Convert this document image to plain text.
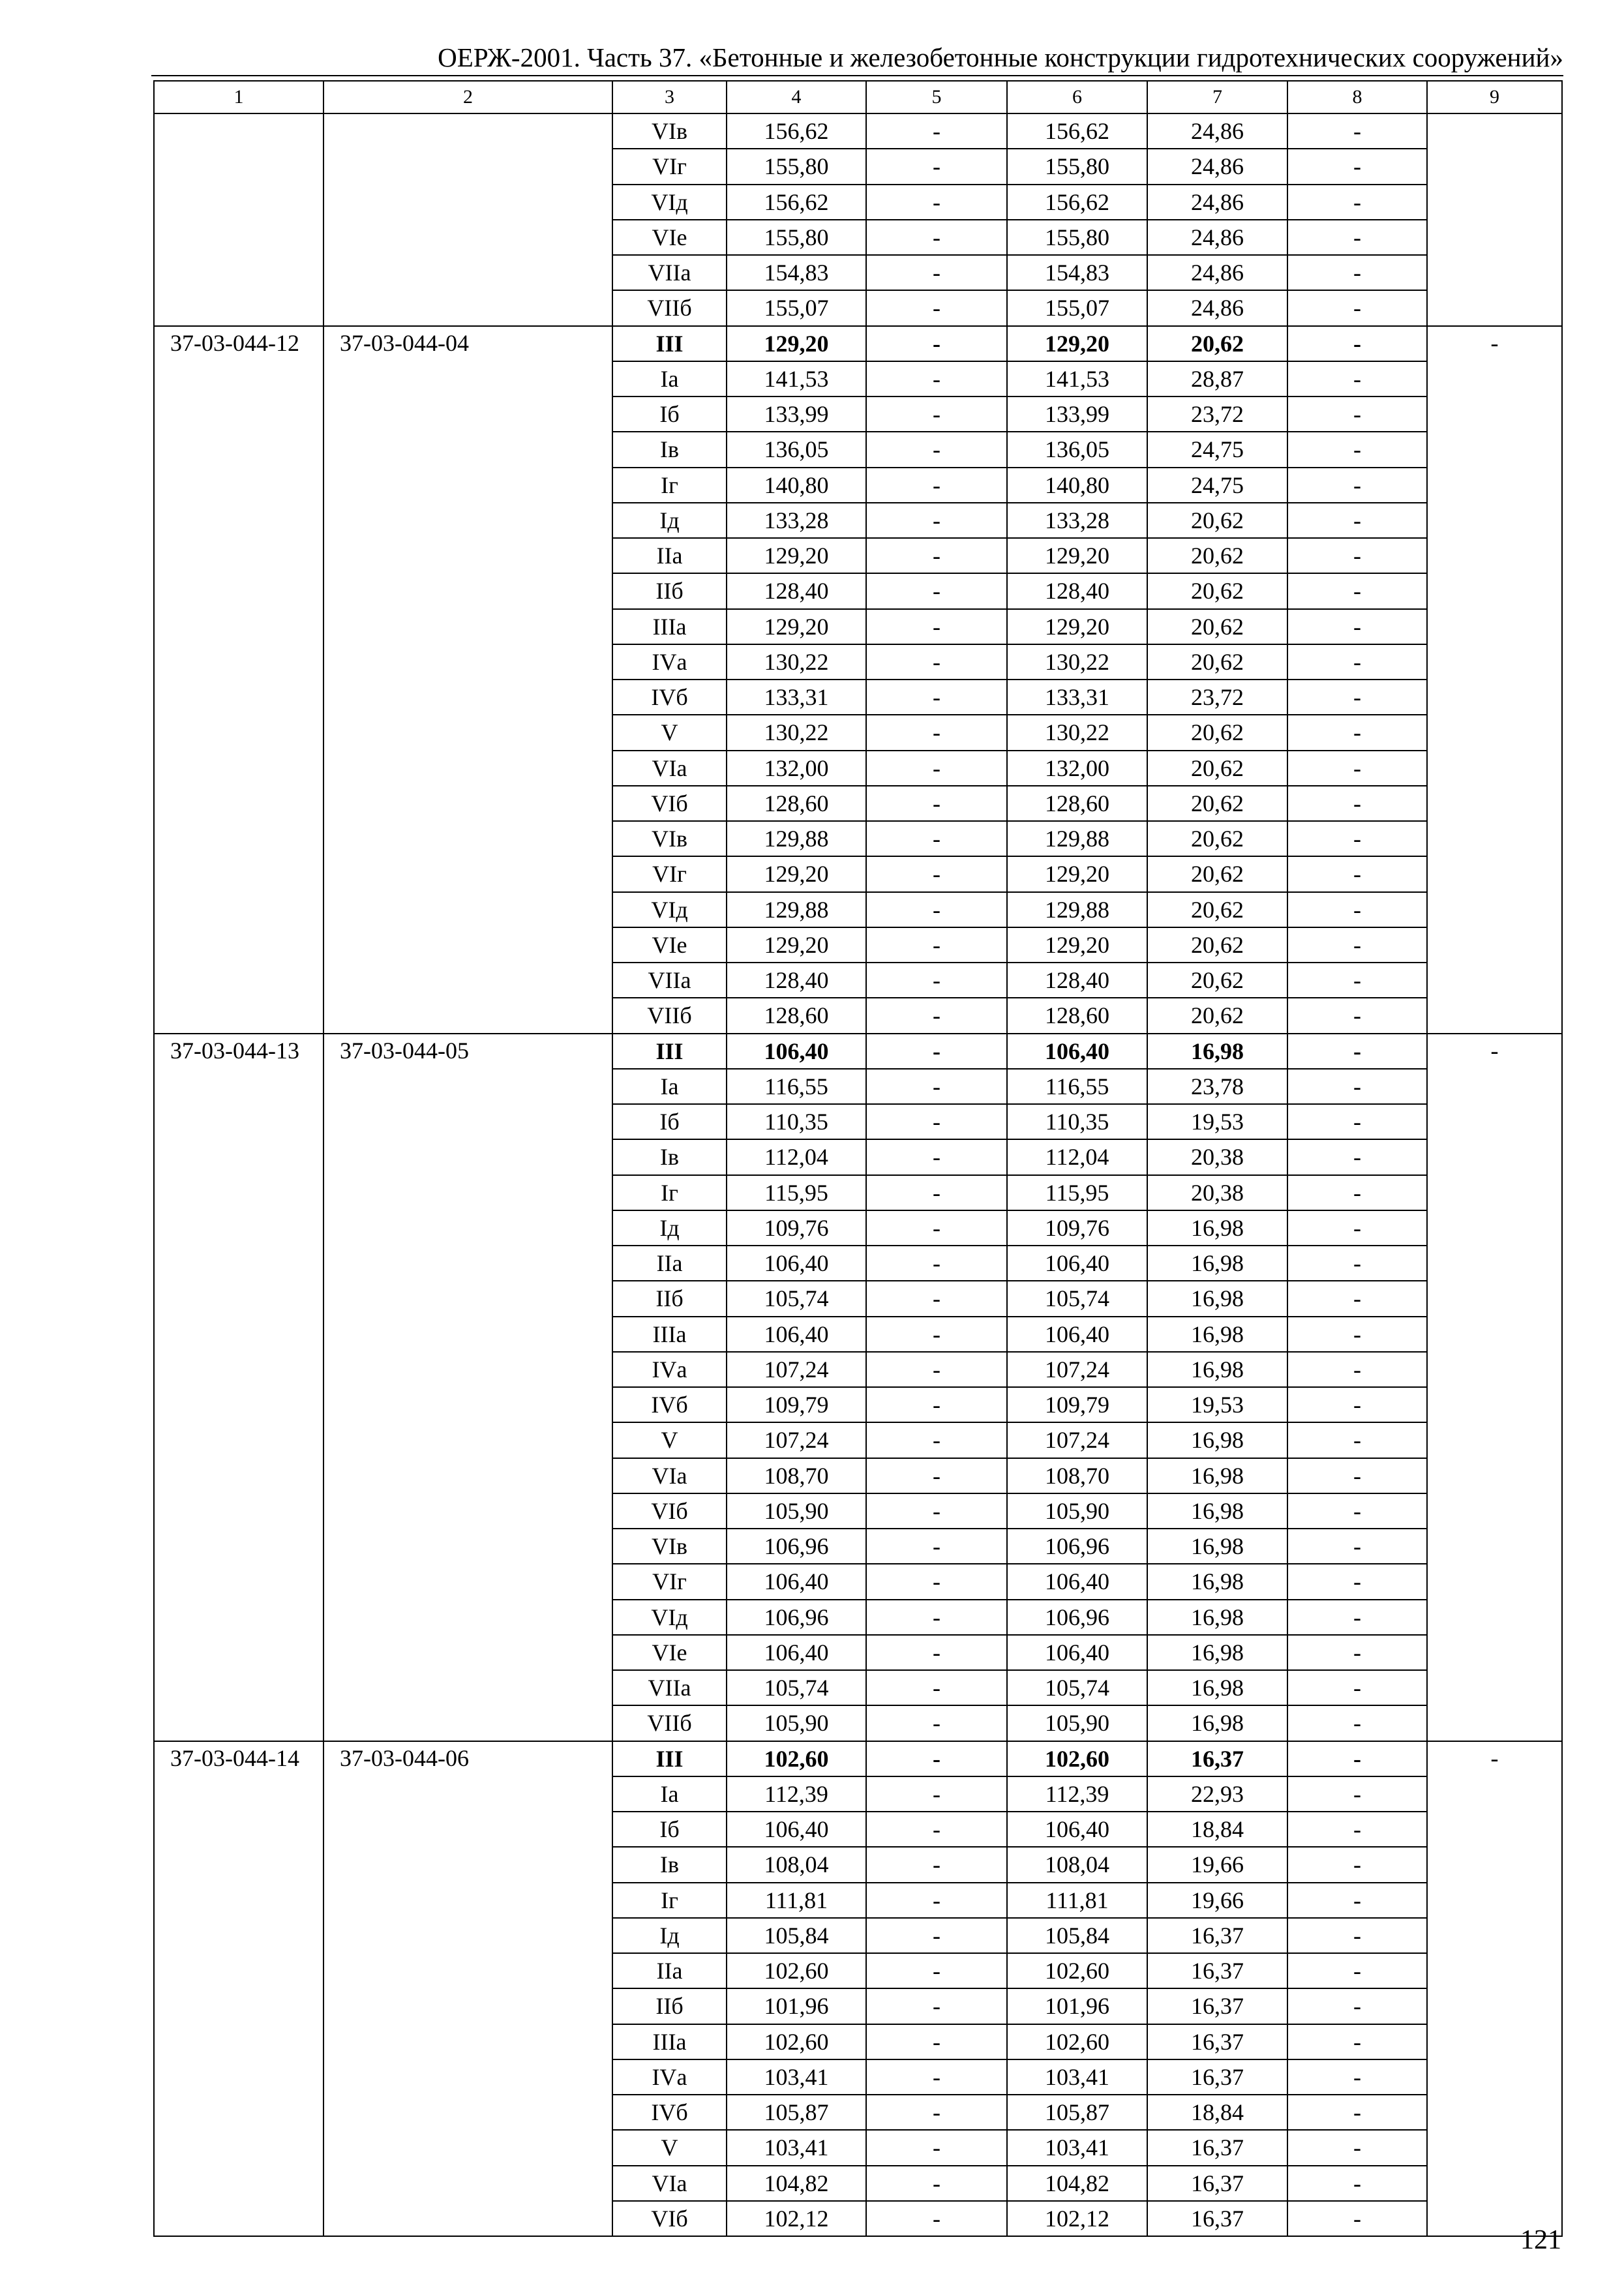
ОЕРЖ-2001. Часть 37. «Бетонные и железобетонные конструкции гидротехнических сооружений»
1	2	3	4	5	6	7	8	9
		VIв	156,62	-	156,62	24,86	-	
		VIг	155,80	-	155,80	24,86	-	
		VIд	156,62	-	156,62	24,86	-	
		VIе	155,80	-	155,80	24,86	-	
		VIIа	154,83	-	154,83	24,86	-	
		VIIб	155,07	-	155,07	24,86	-	
37-03-044-12	37-03-044-04	III	129,20	-	129,20	20,62	-	-
		Iа	141,53	-	141,53	28,87	-	
		Iб	133,99	-	133,99	23,72	-	
		Iв	136,05	-	136,05	24,75	-	
		Iг	140,80	-	140,80	24,75	-	
		Iд	133,28	-	133,28	20,62	-	
		IIа	129,20	-	129,20	20,62	-	
		IIб	128,40	-	128,40	20,62	-	
		IIIа	129,20	-	129,20	20,62	-	
		IVа	130,22	-	130,22	20,62	-	
		IVб	133,31	-	133,31	23,72	-	
		V	130,22	-	130,22	20,62	-	
		VIа	132,00	-	132,00	20,62	-	
		VIб	128,60	-	128,60	20,62	-	
		VIв	129,88	-	129,88	20,62	-	
		VIг	129,20	-	129,20	20,62	-	
		VIд	129,88	-	129,88	20,62	-	
		VIе	129,20	-	129,20	20,62	-	
		VIIа	128,40	-	128,40	20,62	-	
		VIIб	128,60	-	128,60	20,62	-	
37-03-044-13	37-03-044-05	III	106,40	-	106,40	16,98	-	-
		Iа	116,55	-	116,55	23,78	-	
		Iб	110,35	-	110,35	19,53	-	
		Iв	112,04	-	112,04	20,38	-	
		Iг	115,95	-	115,95	20,38	-	
		Iд	109,76	-	109,76	16,98	-	
		IIа	106,40	-	106,40	16,98	-	
		IIб	105,74	-	105,74	16,98	-	
		IIIа	106,40	-	106,40	16,98	-	
		IVа	107,24	-	107,24	16,98	-	
		IVб	109,79	-	109,79	19,53	-	
		V	107,24	-	107,24	16,98	-	
		VIа	108,70	-	108,70	16,98	-	
		VIб	105,90	-	105,90	16,98	-	
		VIв	106,96	-	106,96	16,98	-	
		VIг	106,40	-	106,40	16,98	-	
		VIд	106,96	-	106,96	16,98	-	
		VIе	106,40	-	106,40	16,98	-	
		VIIа	105,74	-	105,74	16,98	-	
		VIIб	105,90	-	105,90	16,98	-	
37-03-044-14	37-03-044-06	III	102,60	-	102,60	16,37	-	-
		Iа	112,39	-	112,39	22,93	-	
		Iб	106,40	-	106,40	18,84	-	
		Iв	108,04	-	108,04	19,66	-	
		Iг	111,81	-	111,81	19,66	-	
		Iд	105,84	-	105,84	16,37	-	
		IIа	102,60	-	102,60	16,37	-	
		IIб	101,96	-	101,96	16,37	-	
		IIIа	102,60	-	102,60	16,37	-	
		IVа	103,41	-	103,41	16,37	-	
		IVб	105,87	-	105,87	18,84	-	
		V	103,41	-	103,41	16,37	-	
		VIа	104,82	-	104,82	16,37	-	
		VIб	102,12	-	102,12	16,37	-	
121
